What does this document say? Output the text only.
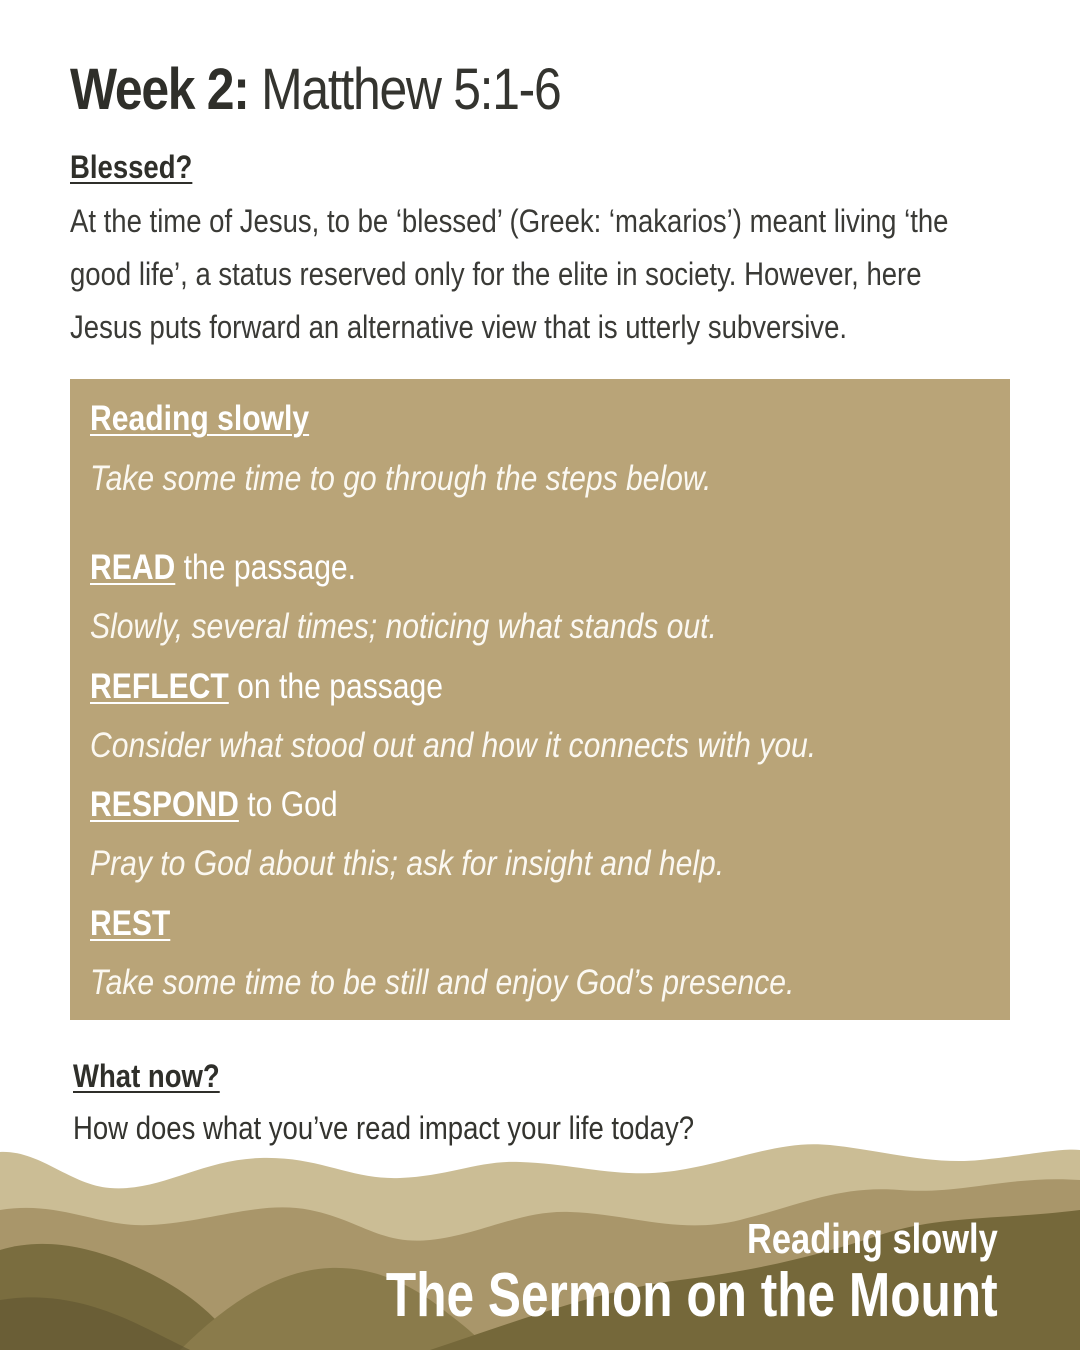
Week 2: Matthew 5:1-6
Blessed?

At the time of Jesus, to be ‘blessed’ (Greek: ‘makarios’) meant living ‘the
good life’, a status reserved only for the elite in society. However, here
Jesus puts forward an alternative view that is utterly subversive.

Reading slowly
Take some time to go through the steps below.
READ the passage.
Slowly, several times; noticing what stands out.
REFLECT on the passage
Consider what stood out and how it connects with you.
RESPOND to God
Pray to God about this; ask for insight and help.
REST
Take some time to be still and enjoy God’s presence.
What now?

How does what you’ve read impact your life today?

Reading slowly

The Sermon on the Mount
